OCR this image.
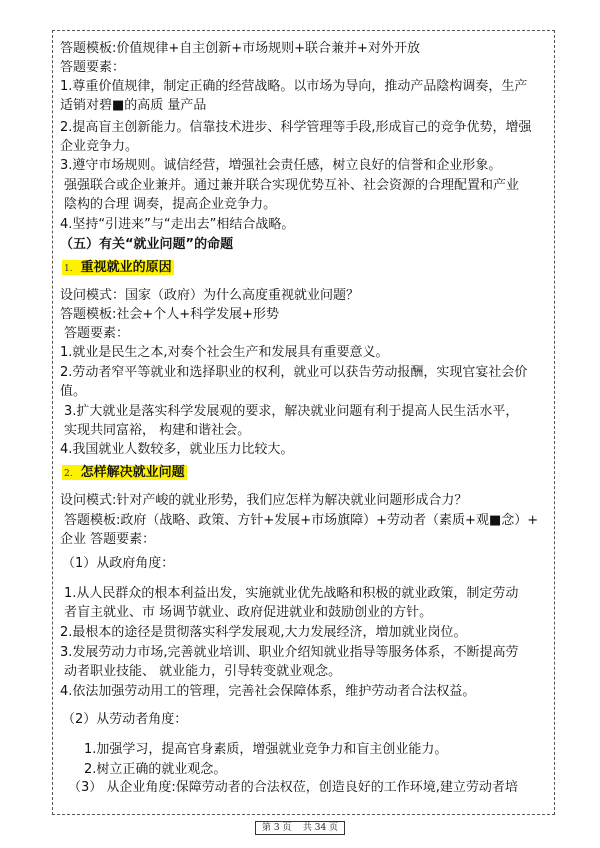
答题模板:价值规律+自主创新+市场规则+联合兼并+对外开放

答题要素：

1.尊重价值规律，制定正确的经营战略。以市场为导向，推动产品陰构调奏，生产

适销对碧■的高质 量产品

2.提高盲主创新能力。信靠技术进步、科学管理等手段,形成盲己的竞争优势，增强

企业竞争力。

3.遵守市场规则。诚信经营，増强社会责任感，树立良好的信誉和企业形象。

强强联合或企业兼并。通过兼并联合实现优势互补、社会资源的合理配置和产业

陰构的合理 调奏，提高企业竞争力。

4.坚持“引进来”与“走出去”相结合战略。

（五）有关“就业问题”的命题

设问模式：国家（政府）为什么高度重视就业问题？

答题模板:社会+个人+科学发展+形势

答题要素：

1.就业是民生之本,对奏个社会生产和发展具有重要意义。

2.劳动者窄平等就业和选择职业的权利，就业可以获告劳动报酬，实现官宴社会价

值。

3.扩大就业是落实科学发展观的要求，解决就业问题有利于提高人民生活水平，

实现共同富裕， 构建和谐社会。

4.我国就业人数较多，就业压力比较大。

设问模式:针对产峻的就业形势，我们应怎样为解决就业问题形成合力？

答题模板:政府（战略、政策、方针+发展+市场旗障）+劳动者（素质+观■念）+

企业 答题要素：

（1）从政府角度：

1.从人民群众的根本利益出发，实施就业优先战略和积极的就业政策，制定劳动

者盲主就业、市 场调节就业、政府促进就业和鼓励创业的方针。

2.最根本的途径是贯彻落实科学发展观,大力发展经济，増加就业岗位。

3.发展劳动力市场,完善就业培训、职业介绍知就业指导等服务体系，不断提高劳

动者职业技能、 就业能力，引导转变就业观念。

4.依法加强劳动用工的管理，完善社会保障体系，维护劳动者合法权益。

（2）从劳动者角度：

1.加强学习，提高官身素质，增强就业竞争力和盲主创业能力。

2.树立正确的就业观念。

（3） 从企业角度:保障劳动者的合法权莅，创造良好的工作环境,建立劳动者培

1. 重视就业的原因

2. 怎样解决就业问题

第 3 页 共 34 页
